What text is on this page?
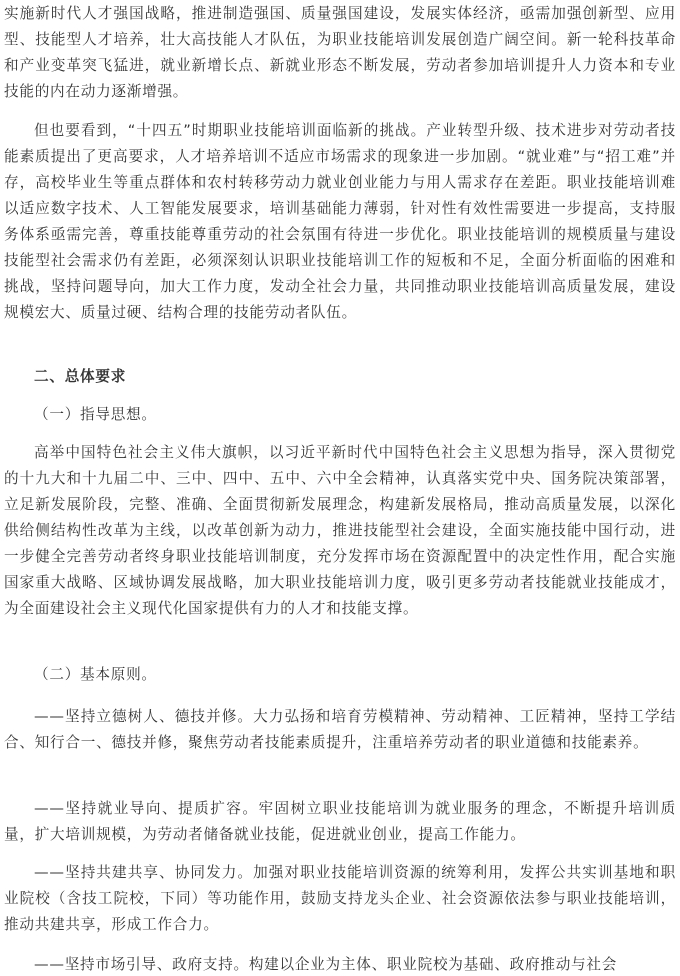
实施新时代人才强国战略，推进制造强国、质量强国建设，发展实体经济，亟需加强创新型、应用型、技能型人才培养，壮大高技能人才队伍，为职业技能培训发展创造广阔空间。新一轮科技革命和产业变革突飞猛进，就业新增长点、新就业形态不断发展，劳动者参加培训提升人力资本和专业技能的内在动力逐渐增强。

但也要看到，“十四五”时期职业技能培训面临新的挑战。产业转型升级、技术进步对劳动者技能素质提出了更高要求，人才培养培训不适应市场需求的现象进一步加剧。“就业难”与“招工难”并存，高校毕业生等重点群体和农村转移劳动力就业创业能力与用人需求存在差距。职业技能培训难以适应数字技术、人工智能发展要求，培训基础能力薄弱，针对性有效性需要进一步提高，支持服务体系亟需完善，尊重技能尊重劳动的社会氛围有待进一步优化。职业技能培训的规模质量与建设技能型社会需求仍有差距，必须深刻认识职业技能培训工作的短板和不足，全面分析面临的困难和挑战，坚持问题导向，加大工作力度，发动全社会力量，共同推动职业技能培训高质量发展，建设规模宏大、质量过硬、结构合理的技能劳动者队伍。

二、总体要求

（一）指导思想。

高举中国特色社会主义伟大旗帜，以习近平新时代中国特色社会主义思想为指导，深入贯彻党的十九大和十九届二中、三中、四中、五中、六中全会精神，认真落实党中央、国务院决策部署，立足新发展阶段，完整、准确、全面贯彻新发展理念，构建新发展格局，推动高质量发展，以深化供给侧结构性改革为主线，以改革创新为动力，推进技能型社会建设，全面实施技能中国行动，进一步健全完善劳动者终身职业技能培训制度，充分发挥市场在资源配置中的决定性作用，配合实施国家重大战略、区域协调发展战略，加大职业技能培训力度，吸引更多劳动者技能就业技能成才，为全面建设社会主义现代化国家提供有力的人才和技能支撑。

（二）基本原则。

——坚持立德树人、德技并修。大力弘扬和培育劳模精神、劳动精神、工匠精神，坚持工学结合、知行合一、德技并修，聚焦劳动者技能素质提升，注重培养劳动者的职业道德和技能素养。

——坚持就业导向、提质扩容。牢固树立职业技能培训为就业服务的理念，不断提升培训质量，扩大培训规模，为劳动者储备就业技能，促进就业创业，提高工作能力。

——坚持共建共享、协同发力。加强对职业技能培训资源的统筹利用，发挥公共实训基地和职业院校（含技工院校，下同）等功能作用，鼓励支持龙头企业、社会资源依法参与职业技能培训，推动共建共享，形成工作合力。

——坚持市场引导、政府支持。构建以企业为主体、职业院校为基础、政府推动与社会
